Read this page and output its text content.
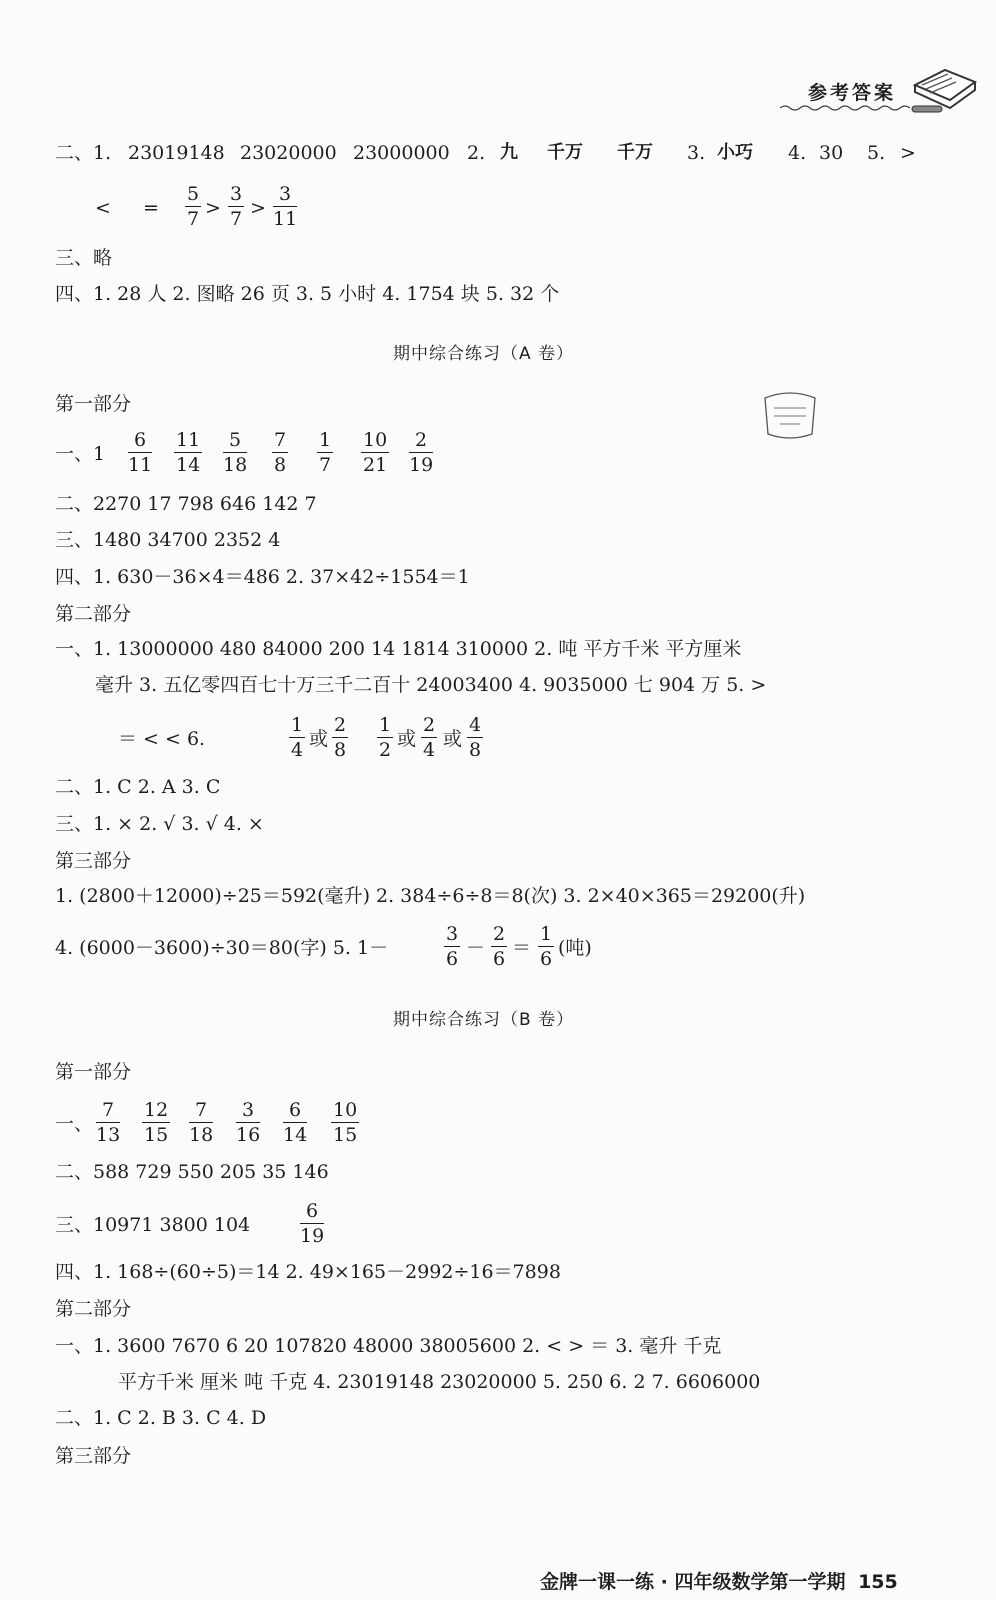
参考答案
二、1. 23019148 23020000 23000000 2. 九 千万 千万 3. 小巧 4. 30 5. >
< = $\frac{5}{7} > \frac{3}{7} > \frac{3}{11}$
三、略
四、1. 28 人 2. 图略 26 页 3. 5 小时 4. 1754 块 5. 32 个
期中综合练习（A 卷）
第一部分
一、$1 \frac{6}{11} \frac{11}{14} \frac{5}{18} \frac{7}{8} \frac{1}{7} \frac{10}{21} \frac{2}{19}$
二、2270 17 798 646 142 7
三、1480 34700 2352 4
四、1. 630－36×4＝486 2. 37×42÷1554＝1
第二部分
一、1. 13000000 480 84000 200 14 1814 310000 2. 吨 平方千米 平方厘米
毫升 3. 五亿零四百七十万三千二百十 24003400 4. 9035000 七 904 万 5. >
＝ < < 6.	$\frac{1}{4}$ 或 $\frac{2}{8} \frac{1}{2}$ 或 $\frac{2}{4}$ 或 $\frac{4}{8}$
二、1. C 2. A 3. C
三、1. × 2. √ 3. √ 4. ×
第三部分
1. (2800＋12000)÷25＝592(毫升) 2. 384÷6÷8＝8(次) 3. 2×40×365＝29200(升)
4. (6000－3600)÷30＝80(字) 5. 1－	$\frac{3}{6} - \frac{2}{6} = \frac{1}{6}$ (吨)
期中综合练习（B 卷）
第一部分
一、 $\frac{7}{13} \frac{12}{15} \frac{7}{18} \frac{3}{16} \frac{6}{14} \frac{10}{15}$
二、588 729 550 205 35 146
三、10971 3800 104	$\frac{6}{19}$
四、1. 168÷(60÷5)＝14 2. 49×165－2992÷16＝7898
第二部分
一、1. 3600 7670 6 20 107820 48000 38005600 2. < > ＝ 3. 毫升 千克
平方千米 厘米 吨 千克 4. 23019148 23020000 5. 250 6. 2 7. 6606000
二、1. C 2. B 3. C 4. D
第三部分
金牌一课一练 · 四年级数学第一学期 155
